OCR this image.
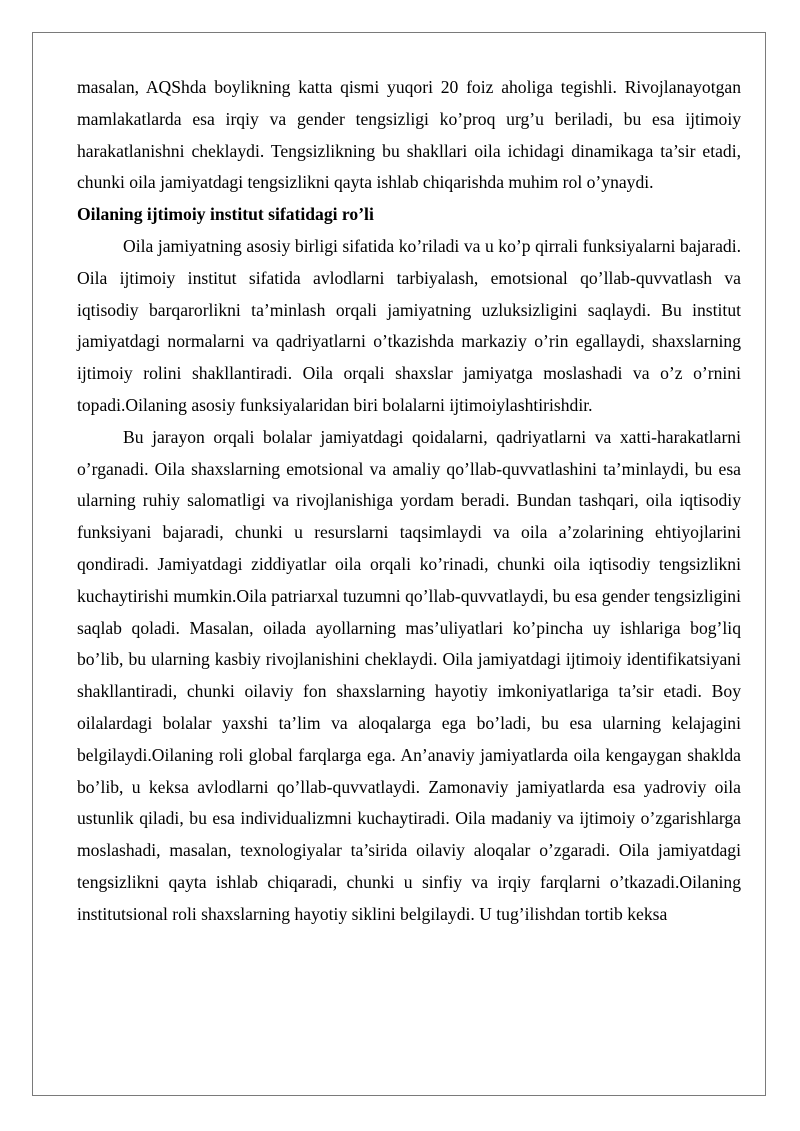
masalan, AQShda boylikning katta qismi yuqori 20 foiz aholiga tegishli. Rivojlanayotgan mamlakatlarda esa irqiy va gender tengsizligi ko’proq urg’u beriladi, bu esa ijtimoiy harakatlanishni cheklaydi. Tengsizlikning bu shakllari oila ichidagi dinamikaga ta’sir etadi, chunki oila jamiyatdagi tengsizlikni qayta ishlab chiqarishda muhim rol o’ynaydi.

Oilaning ijtimoiy institut sifatidagi ro’li

Oila jamiyatning asosiy birligi sifatida ko’riladi va u ko’p qirrali funksiyalarni bajaradi. Oila ijtimoiy institut sifatida avlodlarni tarbiyalash, emotsional qo’llab-quvvatlash va iqtisodiy barqarorlikni ta’minlash orqali jamiyatning uzluksizligini saqlaydi. Bu institut jamiyatdagi normalarni va qadriyatlarni o’tkazishda markaziy o’rin egallaydi, shaxslarning ijtimoiy rolini shakllantiradi. Oila orqali shaxslar jamiyatga moslashadi va o’z o’rnini topadi.Oilaning asosiy funksiyalaridan biri bolalarni ijtimoiylashtirishdir.

Bu jarayon orqali bolalar jamiyatdagi qoidalarni, qadriyatlarni va xatti-harakatlarni o’rganadi. Oila shaxslarning emotsional va amaliy qo’llab-quvvatlashini ta’minlaydi, bu esa ularning ruhiy salomatligi va rivojlanishiga yordam beradi. Bundan tashqari, oila iqtisodiy funksiyani bajaradi, chunki u resurslarni taqsimlaydi va oila a’zolarining ehtiyojlarini qondiradi. Jamiyatdagi ziddiyatlar oila orqali ko’rinadi, chunki oila iqtisodiy tengsizlikni kuchaytirishi mumkin.Oila patriarxal tuzumni qo’llab-quvvatlaydi, bu esa gender tengsizligini saqlab qoladi. Masalan, oilada ayollarning mas’uliyatlari ko’pincha uy ishlariga bog’liq bo’lib, bu ularning kasbiy rivojlanishini cheklaydi. Oila jamiyatdagi ijtimoiy identifikatsiyani shakllantiradi, chunki oilaviy fon shaxslarning hayotiy imkoniyatlariga ta’sir etadi. Boy oilalardagi bolalar yaxshi ta’lim va aloqalarga ega bo’ladi, bu esa ularning kelajagini belgilaydi.Oilaning roli global farqlarga ega. An’anaviy jamiyatlarda oila kengaygan shaklda bo’lib, u keksa avlodlarni qo’llab-quvvatlaydi. Zamonaviy jamiyatlarda esa yadroviy oila ustunlik qiladi, bu esa individualizmni kuchaytiradi. Oila madaniy va ijtimoiy o’zgarishlarga moslashadi, masalan, texnologiyalar ta’sirida oilaviy aloqalar o’zgaradi. Oila jamiyatdagi tengsizlikni qayta ishlab chiqaradi, chunki u sinfiy va irqiy farqlarni o’tkazadi.Oilaning institutsional roli shaxslarning hayotiy siklini belgilaydi. U tug’ilishdan tortib keksa
